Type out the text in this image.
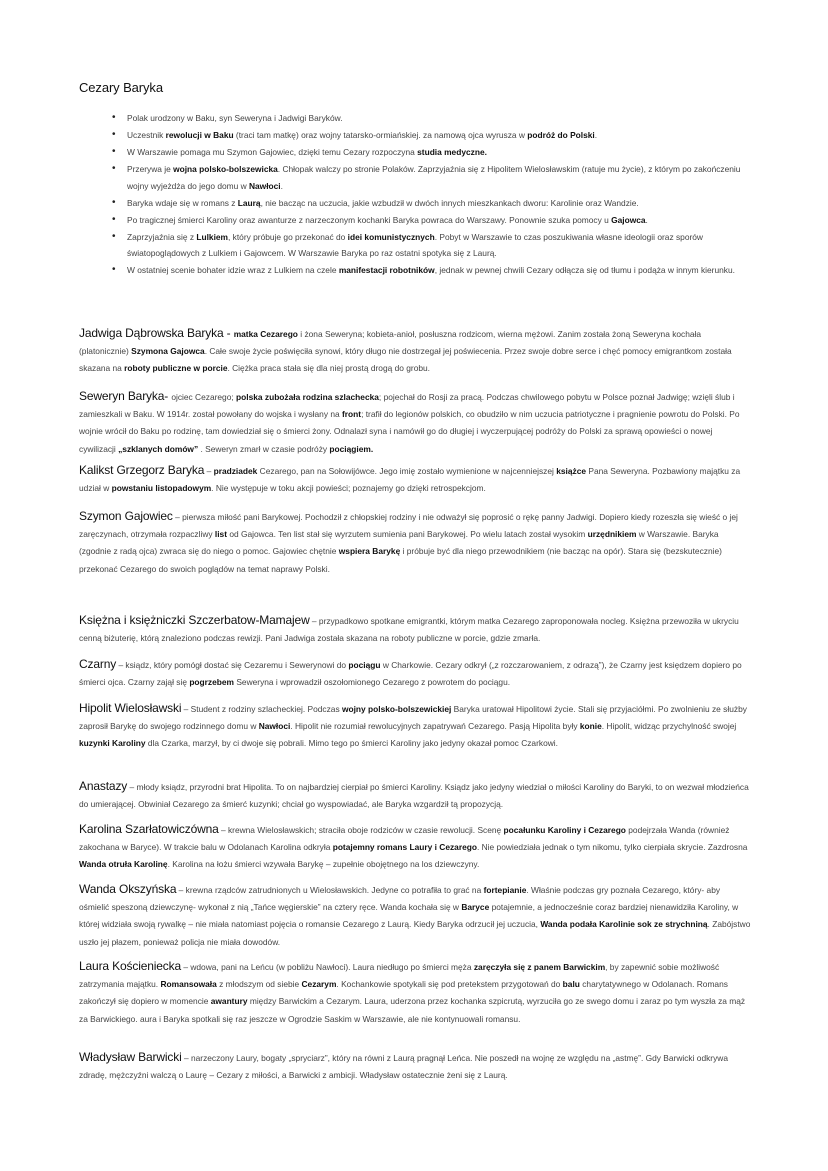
Cezary Baryka
• Polak urodzony w Baku, syn Seweryna i Jadwigi Baryków.
• Uczestnik rewolucji w Baku (traci tam matkę) oraz wojny tatarsko-ormiańskiej. za namową ojca wyrusza w podróż do Polski.
• W Warszawie pomaga mu Szymon Gajowiec, dzięki temu Cezary rozpoczyna studia medyczne.
• Przerywa je wojna polsko-bolszewicka. Chłopak walczy po stronie Polaków. Zaprzyjaźnia się z Hipolitem Wielosławskim (ratuje mu życie), z którym po zakończeniu wojny wyjeżdża do jego domu w Nawłoci.
• Baryka wdaje się w romans z Laurą, nie bacząc na uczucia, jakie wzbudził w dwóch innych mieszkankach dworu: Karolinie oraz Wandzie.
• Po tragicznej śmierci Karoliny oraz awanturze z narzeczonym kochanki Baryka powraca do Warszawy. Ponownie szuka pomocy u Gajowca.
• Zaprzyjaźnia się z Lulkiem, który próbuje go przekonać do idei komunistycznych. Pobyt w Warszawie to czas poszukiwania własne ideologii oraz sporów światopoglądowych z Lulkiem i Gajowcem. W Warszawie Baryka po raz ostatni spotyka się z Laurą.
• W ostatniej scenie bohater idzie wraz z Lulkiem na czele manifestacji robotników, jednak w pewnej chwili Cezary odłącza się od tłumu i podąża w innym kierunku.
Jadwiga Dąbrowska Baryka - matka Cezarego i żona Seweryna; kobieta-anioł, posłuszna rodzicom, wierna mężowi. Zanim została żoną Seweryna kochała (platonicznie) Szymona Gajowca. Całe swoje życie poświęciła synowi, który długo nie dostrzegał jej poświecenia. Przez swoje dobre serce i chęć pomocy emigrantkom została skazana na roboty publiczne w porcie. Ciężka praca stała się dla niej prostą drogą do grobu.
Seweryn Baryka- ojciec Cezarego; polska zubożała rodzina szlachecka; pojechał do Rosji za pracą. Podczas chwilowego pobytu w Polsce poznał Jadwigę; wzięli ślub i zamieszkali w Baku. W 1914r. został powołany do wojska i wysłany na front; trafił do legionów polskich, co obudziło w nim uczucia patriotyczne i pragnienie powrotu do Polski. Po wojnie wrócił do Baku po rodzinę, tam dowiedział się o śmierci żony. Odnalazł syna i namówił go do długiej i wyczerpującej podróży do Polski za sprawą opowieści o nowej cywilizacji „szklanych domów” . Seweryn zmarł w czasie podróży pociągiem.
Kalikst Grzegorz Baryka – pradziadek Cezarego, pan na Sołowijówce. Jego imię zostało wymienione w najcenniejszej książce Pana Seweryna. Pozbawiony majątku za udział w powstaniu listopadowym. Nie występuje w toku akcji powieści; poznajemy go dzięki retrospekcjom.
Szymon Gajowiec – pierwsza miłość pani Barykowej. Pochodził z chłopskiej rodziny i nie odważył się poprosić o rękę panny Jadwigi. Dopiero kiedy rozeszła się wieść o jej zaręczynach, otrzymała rozpaczliwy list od Gajowca. Ten list stał się wyrzutem sumienia pani Barykowej. Po wielu latach został wysokim urzędnikiem w Warszawie. Baryka (zgodnie z radą ojca) zwraca się do niego o pomoc. Gajowiec chętnie wspiera Barykę i próbuje być dla niego przewodnikiem (nie bacząc na opór). Stara się (bezskutecznie) przekonać Cezarego do swoich poglądów na temat naprawy Polski.
Księżna i księżniczki Szczerbatow-Mamajew – przypadkowo spotkane emigrantki, którym matka Cezarego zaproponowała nocleg. Księżna przewoziła w ukryciu cenną biżuterię, którą znaleziono podczas rewizji. Pani Jadwiga została skazana na roboty publiczne w porcie, gdzie zmarła.
Czarny – ksiądz, który pomógł dostać się Cezaremu i Sewerynowi do pociągu w Charkowie. Cezary odkrył („z rozczarowaniem, z odrazą”), że Czarny jest księdzem dopiero po śmierci ojca. Czarny zajął się pogrzebem Seweryna i wprowadził oszołomionego Cezarego z powrotem do pociągu.
Hipolit Wielosławski – Student z rodziny szlacheckiej. Podczas wojny polsko-bolszewickiej Baryka uratował Hipolitowi życie. Stali się przyjaciółmi. Po zwolnieniu ze służby zaprosił Barykę do swojego rodzinnego domu w Nawłoci. Hipolit nie rozumiał rewolucyjnych zapatrywań Cezarego. Pasją Hipolita były konie. Hipolit, widząc przychylność swojej kuzynki Karoliny dla Czarka, marzył, by ci dwoje się pobrali. Mimo tego po śmierci Karoliny jako jedyny okazał pomoc Czarkowi.
Anastazy – młody ksiądz, przyrodni brat Hipolita. To on najbardziej cierpiał po śmierci Karoliny. Ksiądz jako jedyny wiedział o miłości Karoliny do Baryki, to on wezwał młodzieńca do umierającej. Obwiniał Cezarego za śmierć kuzynki; chciał go wyspowiadać, ale Baryka wzgardził tą propozycją.
Karolina Szarłatowiczówna – krewna Wielosławskich; straciła oboje rodziców w czasie rewolucji. Scenę pocałunku Karoliny i Cezarego podejrzała Wanda (również zakochana w Baryce). W trakcie balu w Odolanach Karolina odkryła potajemny romans Laury i Cezarego. Nie powiedziała jednak o tym nikomu, tylko cierpiała skrycie. Zazdrosna Wanda otruła Karolinę. Karolina na łożu śmierci wzywała Barykę – zupełnie obojętnego na los dziewczyny.
Wanda Okszyńska – krewna rządców zatrudnionych u Wielosławskich. Jedyne co potrafiła to grać na fortepianie. Właśnie podczas gry poznała Cezarego, który- aby ośmielić speszoną dziewczynę- wykonał z nią „Tańce węgierskie” na cztery ręce. Wanda kochała się w Baryce potajemnie, a jednocześnie coraz bardziej nienawidziła Karoliny, w której widziała swoją rywalkę – nie miała natomiast pojęcia o romansie Cezarego z Laurą. Kiedy Baryka odrzucił jej uczucia, Wanda podała Karolinie sok ze strychniną. Zabójstwo uszło jej płazem, ponieważ policja nie miała dowodów.
Laura Kościeniecka – wdowa, pani na Leńcu (w pobliżu Nawłoci). Laura niedługo po śmierci męża zaręczyła się z panem Barwickim, by zapewnić sobie możliwość zatrzymania majątku. Romansowała z młodszym od siebie Cezarym. Kochankowie spotykali się pod pretekstem przygotowań do balu charytatywnego w Odolanach. Romans zakończył się dopiero w momencie awantury między Barwickim a Cezarym. Laura, uderzona przez kochanka szpicrutą, wyrzuciła go ze swego domu i zaraz po tym wyszła za mąż za Barwickiego. aura i Baryka spotkali się raz jeszcze w Ogrodzie Saskim w Warszawie, ale nie kontynuowali romansu.
Władysław Barwicki – narzeczony Laury, bogaty „spryciarz”, który na równi z Laurą pragnął Leńca. Nie poszedł na wojnę ze względu na „astmę”. Gdy Barwicki odkrywa zdradę, mężczyźni walczą o Laurę – Cezary z miłości, a Barwicki z ambicji. Władysław ostatecznie żeni się z Laurą.
